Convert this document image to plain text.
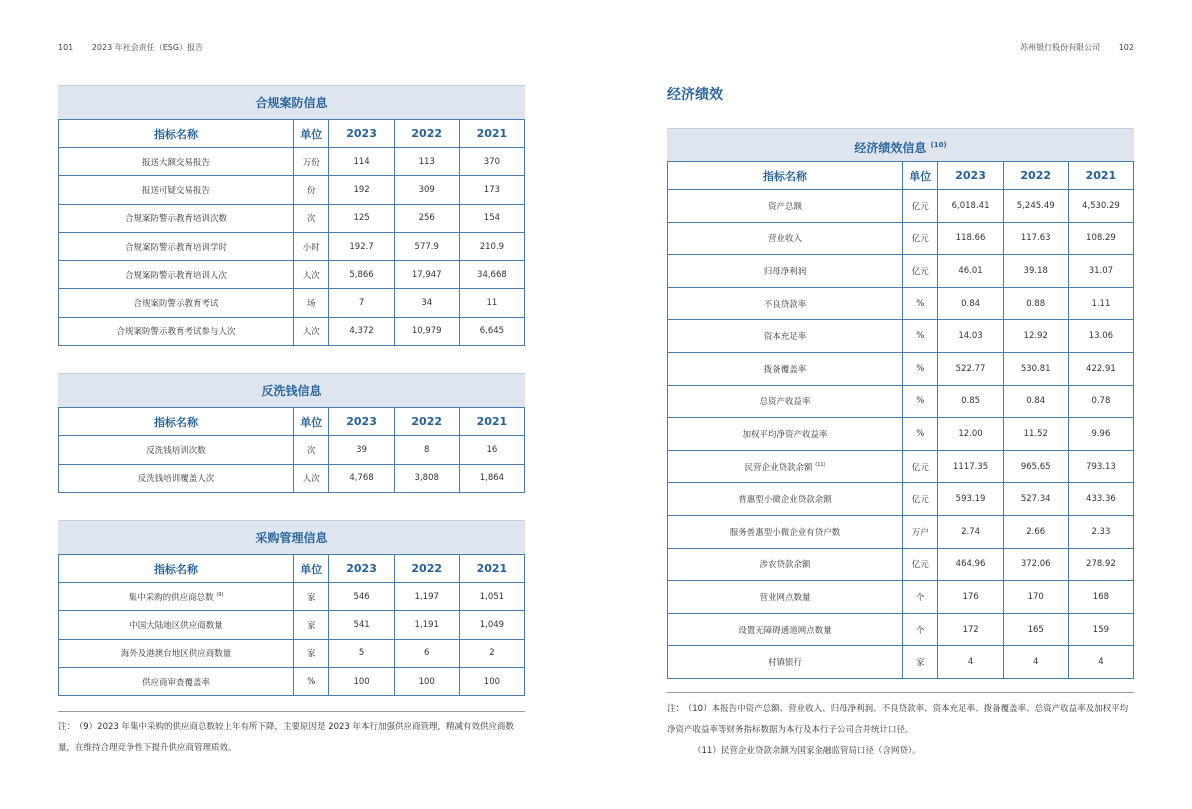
101 2023 年社会责任（ESG）报告	苏州银行股份有限公司 102
合规案防信息
指标名称	单位	2023	2022	2021
报送大额交易报告	万份	114	113	370
报送可疑交易报告	份	192	309	173
合规案防警示教育培训次数	次	125	256	154
合规案防警示教育培训学时	小时	192.7	577.9	210.9
合规案防警示教育培训人次	人次	5,866	17,947	34,668
合规案防警示教育考试	场	7	34	11
合规案防警示教育考试参与人次	人次	4,372	10,979	6,645
反洗钱信息
指标名称	单位	2023	2022	2021
反洗钱培训次数	次	39	8	16
反洗钱培训覆盖人次	人次	4,768	3,808	1,864
采购管理信息
指标名称	单位	2023	2022	2021
集中采购的供应商总数 $^{(9)}$	家	546	1,197	1,051
中国大陆地区供应商数量	家	541	1,191	1,049
海外及港澳台地区供应商数量	家	5	6	2
供应商审查覆盖率	%	100	100	100
注： （9）2023 年集中采购的供应商总数较上年有所下降，主要原因是 2023 年本行加强供应商管理，精减有效供应商数量，在维持合理竞争性下提升供应商管理质效。
经济绩效
经济绩效信息 $^{(10)}$
指标名称	单位	2023	2022	2021
资产总额	亿元	6,018.41	5,245.49	4,530.29
营业收入	亿元	118.66	117.63	108.29
归母净利润	亿元	46.01	39.18	31.07
不良贷款率	%	0.84	0.88	1.11
资本充足率	%	14.03	12.92	13.06
拨备覆盖率	%	522.77	530.81	422.91
总资产收益率	%	0.85	0.84	0.78
加权平均净资产收益率	%	12.00	11.52	9.96
民营企业贷款余额 $^{(11)}$	亿元	1117.35	965.65	793.13
普惠型小微企业贷款余额	亿元	593.19	527.34	433.36
服务普惠型小微企业有贷户数	万户	2.74	2.66	2.33
涉农贷款余额	亿元	464.96	372.06	278.92
营业网点数量	个	176	170	168
设置无障碍通道网点数量	个	172	165	159
村镇银行	家	4	4	4
注： （10）本报告中资产总额、营业收入、归母净利润、不良贷款率、资本充足率、拨备覆盖率、总资产收益率及加权平均净资产收益率等财务指标数据为本行及本行子公司合并统计口径。
（11）民营企业贷款余额为国家金融监管局口径（含网贷）。
